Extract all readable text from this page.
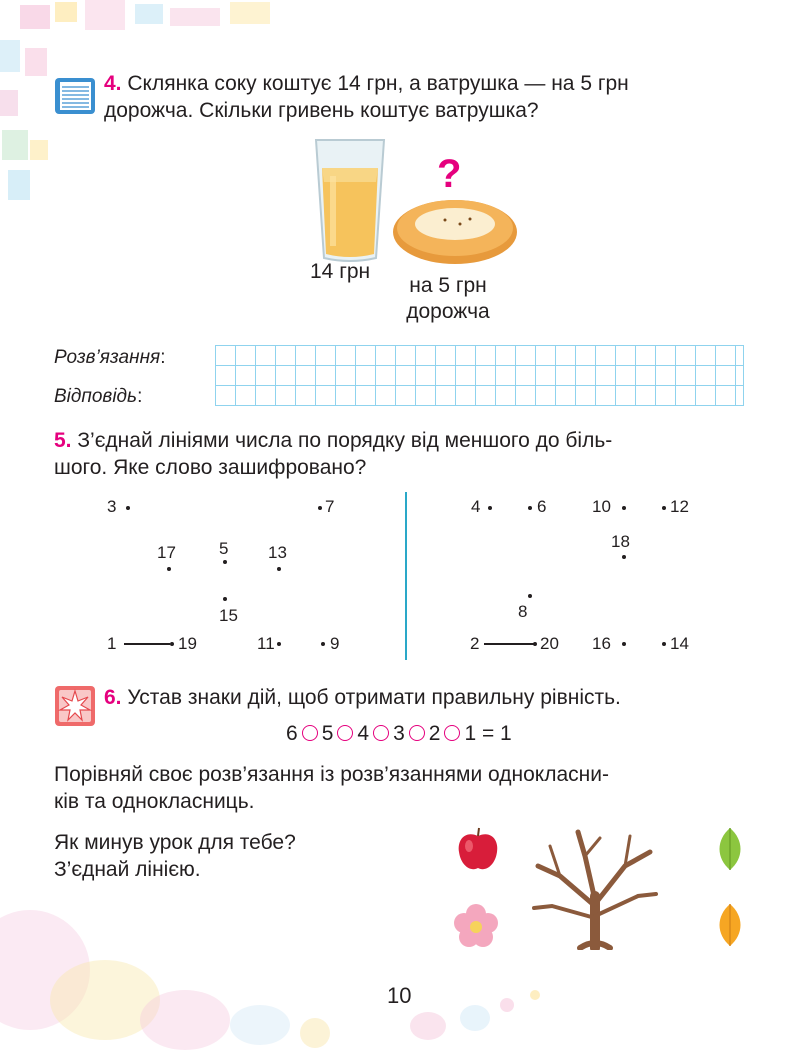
4. Склянка соку коштує 14 грн, а ватрушка — на 5 грн
дорожча. Скільки гривень коштує ватрушка?
?
14 грн
на 5 грн
дорожча
Розв’язання:
Відповідь:
5. З’єднай лініями числа по порядку від меншого до біль-
шого. Яке слово зашифровано?
3	7
17	5 13
15
1	19	11	9
4	6	10	12
18
8
2	20 16	14
6. Устав знаки дій, щоб отримати правильну рівність.
6 5 4 3 2 1 = 1
Порівняй своє розв’язання із розв’язаннями однокласни-
ків та однокласниць.
Як минув урок для тебе?
З’єднай лінією.
10
